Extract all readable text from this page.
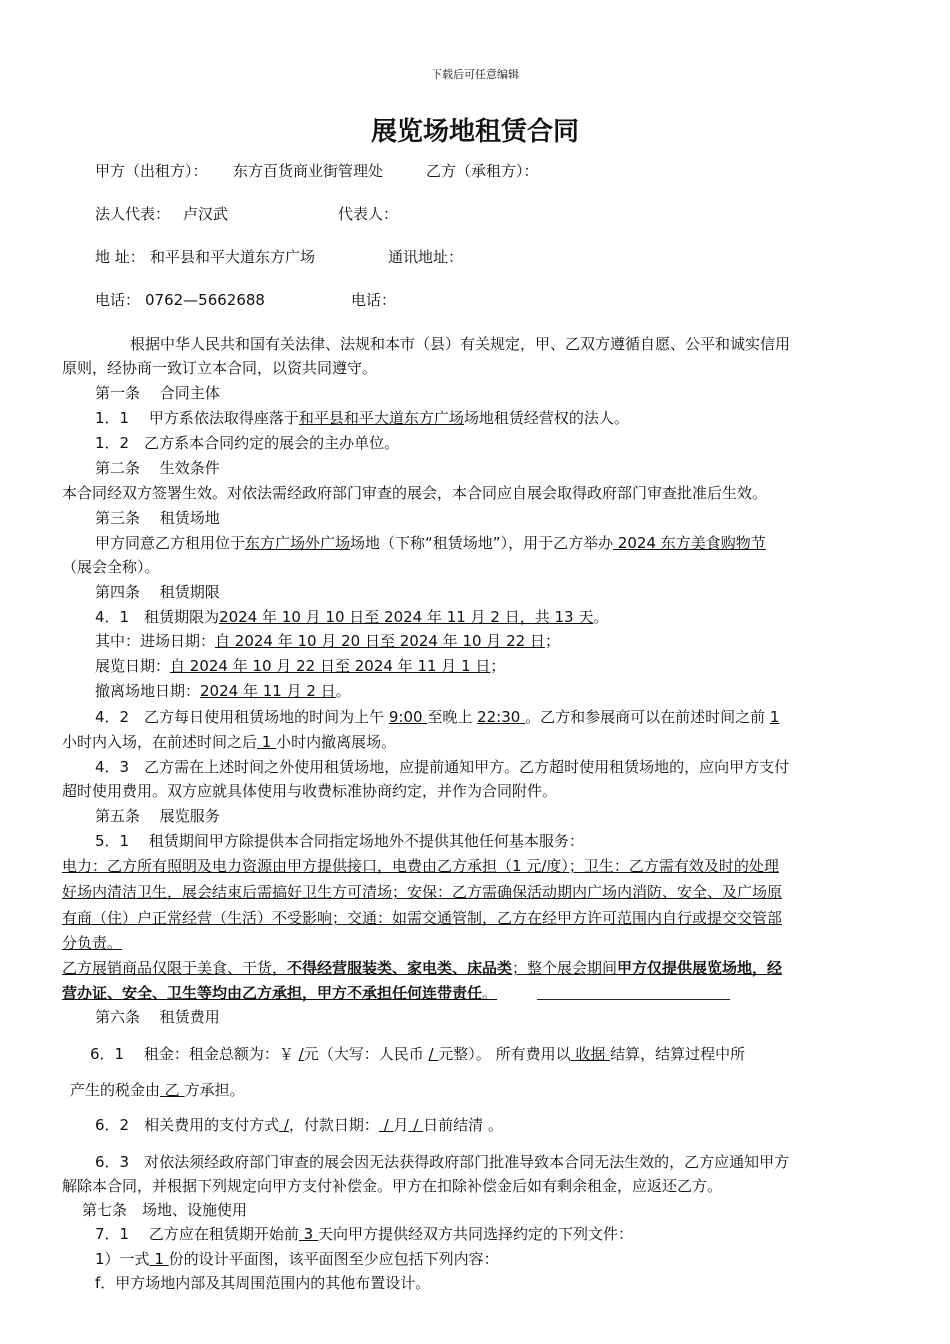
下载后可任意编辑
展览场地租赁合同
甲方（出租方）： 东方百货商业街管理处	乙方（承租方）：
法人代表： 卢汉武	代表人：
地 址： 和平县和平大道东方广场	通讯地址：
电话： 0762—5662688	电话：
根据中华人民共和国有关法律、法规和本市（县）有关规定，甲、乙双方遵循自愿、公平和诚实信用
原则，经协商一致订立本合同，以资共同遵守。
第一条　 合同主体
1．1　 甲方系依法取得座落于和平县和平大道东方广场场地租赁经营权的法人。
1．2　乙方系本合同约定的展会的主办单位。
第二条　 生效条件
本合同经双方签署生效。对依法需经政府部门审查的展会，本合同应自展会取得政府部门审查批准后生效。
第三条　 租赁场地
甲方同意乙方租用位于东方广场外广场场地（下称“租赁场地”），用于乙方举办 2024 东方美食购物节
（展会全称）。
第四条　 租赁期限
4．1　租赁期限为2024 年 10 月 10 日至 2024 年 11 月 2 日，共 13 天。
其中：进场日期：自 2024 年 10 月 20 日至 2024 年 10 月 22 日；
展览日期：自 2024 年 10 月 22 日至 2024 年 11 月 1 日；
撤离场地日期：2024 年 11 月 2 日。
4．2　乙方每日使用租赁场地的时间为上午 9:00 至晚上 22:30 。乙方和参展商可以在前述时间之前 1
小时内入场，在前述时间之后 1 小时内撤离展场。
4．3　乙方需在上述时间之外使用租赁场地，应提前通知甲方。乙方超时使用租赁场地的，应向甲方支付
超时使用费用。双方应就具体使用与收费标准协商约定，并作为合同附件。
第五条　 展览服务
5．1　 租赁期间甲方除提供本合同指定场地外不提供其他任何基本服务：
电力：乙方所有照明及电力资源由甲方提供接口，电费由乙方承担（1 元/度）；卫生：乙方需有效及时的处理
好场内清洁卫生，展会结束后需搞好卫生方可清场；安保：乙方需确保活动期内广场内消防、安全、及广场原
有商（住）户正常经营（生活）不受影响；交通：如需交通管制，乙方在经甲方许可范围内自行或提交交管部
分负责。
乙方展销商品仅限于美食、干货，不得经营服装类、家电类、床品类；整个展会期间甲方仅提供展览场地，经
营办证、安全、卫生等均由乙方承担，甲方不承担任何连带责任。
第六条　 租赁费用
6．1　 租金：租金总额为：￥ /元（大写：人民币 / 元整）。 所有费用以 收据 结算，结算过程中所
产生的税金由 乙 方承担。
6．2　相关费用的支付方式 /，付款日期： / 月 / 日前结清 。
6．3　对依法须经政府部门审查的展会因无法获得政府部门批准导致本合同无法生效的，乙方应通知甲方
解除本合同，并根据下列规定向甲方支付补偿金。甲方在扣除补偿金后如有剩余租金，应返还乙方。
第七条　场地、设施使用
7．1　 乙方应在租赁期开始前 3 天向甲方提供经双方共同选择约定的下列文件：
1）一式 1 份的设计平面图，该平面图至少应包括下列内容：
f．甲方场地内部及其周围范围内的其他布置设计。
